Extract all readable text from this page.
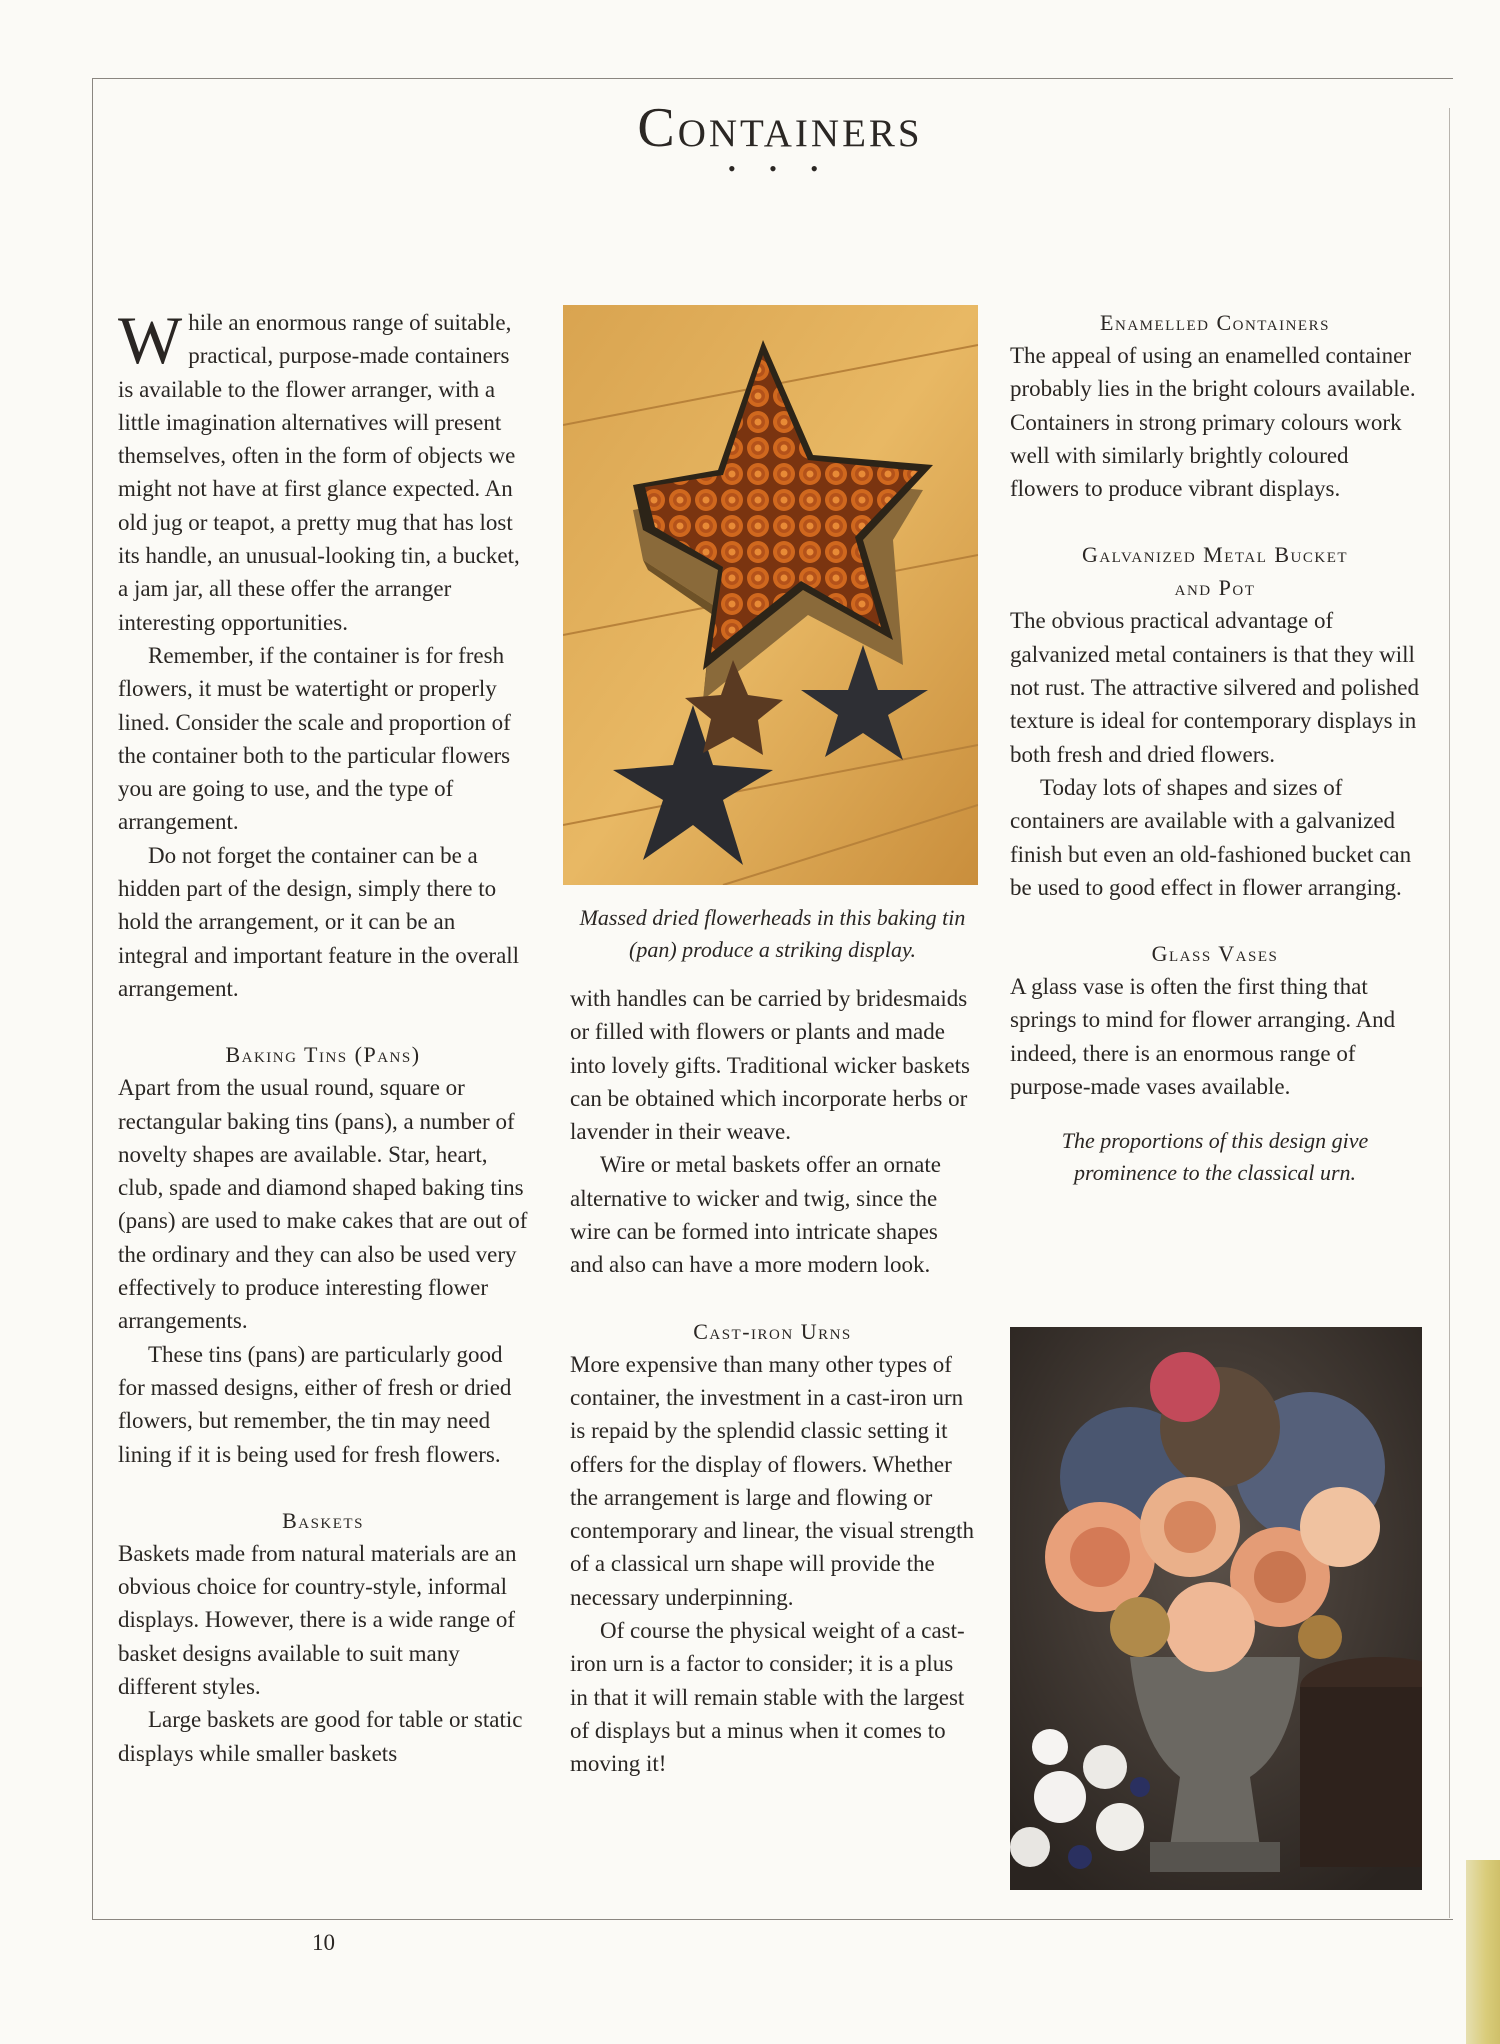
Containers
• • •

While an enormous range of suitable, practical, purpose-made containers is available to the flower arranger, with a little imagination alternatives will present themselves, often in the form of objects we might not have at first glance expected. An old jug or teapot, a pretty mug that has lost its handle, an unusual-looking tin, a bucket, a jam jar, all these offer the arranger interesting opportunities.

Remember, if the container is for fresh flowers, it must be watertight or properly lined. Consider the scale and proportion of the container both to the particular flowers you are going to use, and the type of arrangement.

Do not forget the container can be a hidden part of the design, simply there to hold the arrangement, or it can be an integral and important feature in the overall arrangement.

Baking Tins (Pans)

Apart from the usual round, square or rectangular baking tins (pans), a number of novelty shapes are available. Star, heart, club, spade and diamond shaped baking tins (pans) are used to make cakes that are out of the ordinary and they can also be used very effectively to produce interesting flower arrangements.

These tins (pans) are particularly good for massed designs, either of fresh or dried flowers, but remember, the tin may need lining if it is being used for fresh flowers.

Baskets

Baskets made from natural materials are an obvious choice for country-style, informal displays. However, there is a wide range of basket designs available to suit many different styles.

Large baskets are good for table or static displays while smaller baskets

Massed dried flowerheads in this baking tin (pan) produce a striking display.

with handles can be carried by bridesmaids or filled with flowers or plants and made into lovely gifts. Traditional wicker baskets can be obtained which incorporate herbs or lavender in their weave.

Wire or metal baskets offer an ornate alternative to wicker and twig, since the wire can be formed into intricate shapes and also can have a more modern look.

Cast-iron Urns

More expensive than many other types of container, the investment in a cast-iron urn is repaid by the splendid classic setting it offers for the display of flowers. Whether the arrangement is large and flowing or contemporary and linear, the visual strength of a classical urn shape will provide the necessary underpinning.

Of course the physical weight of a cast-iron urn is a factor to consider; it is a plus in that it will remain stable with the largest of displays but a minus when it comes to moving it!

Enamelled Containers

The appeal of using an enamelled container probably lies in the bright colours available. Containers in strong primary colours work well with similarly brightly coloured flowers to produce vibrant displays.

Galvanized Metal Bucket
and Pot

The obvious practical advantage of galvanized metal containers is that they will not rust. The attractive silvered and polished texture is ideal for contemporary displays in both fresh and dried flowers.

Today lots of shapes and sizes of containers are available with a galvanized finish but even an old-fashioned bucket can be used to good effect in flower arranging.

Glass Vases

A glass vase is often the first thing that springs to mind for flower arranging. And indeed, there is an enormous range of purpose-made vases available.

The proportions of this design give prominence to the classical urn.

10
